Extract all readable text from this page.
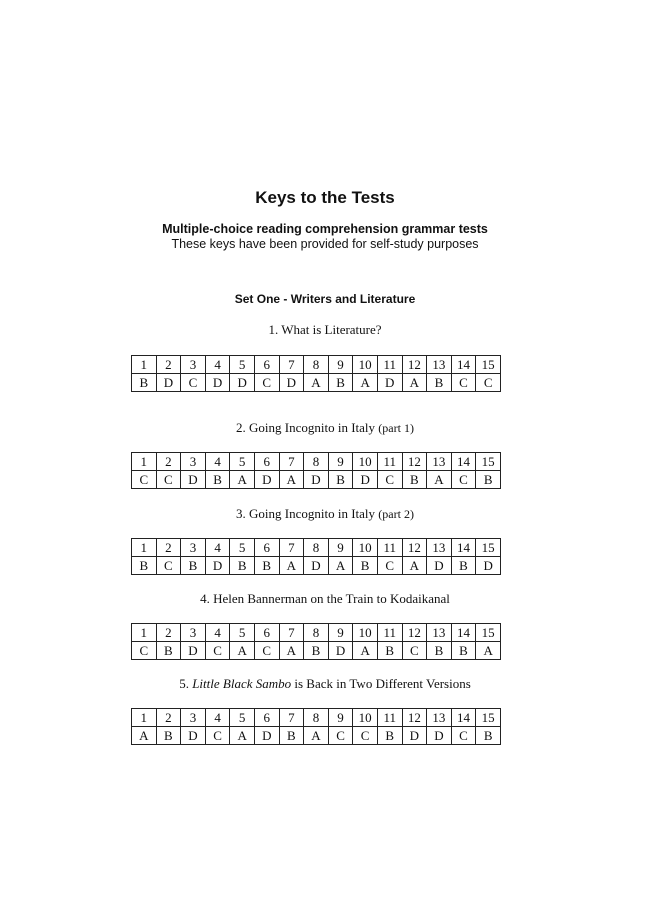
Keys to the Tests
Multiple-choice reading comprehension grammar tests
These keys have been provided for self-study purposes
Set One - Writers and Literature
1. What is Literature?
1	2	3	4	5	6	7	8	9	10	11	12	13	14	15
B	D	C	D	D	C	D	A	B	A	D	A	B	C	C
2. Going Incognito in Italy (part 1)
1	2	3	4	5	6	7	8	9	10	11	12	13	14	15
C	C	D	B	A	D	A	D	B	D	C	B	A	C	B
3. Going Incognito in Italy (part 2)
1	2	3	4	5	6	7	8	9	10	11	12	13	14	15
B	C	B	D	B	B	A	D	A	B	C	A	D	B	D
4. Helen Bannerman on the Train to Kodaikanal
1	2	3	4	5	6	7	8	9	10	11	12	13	14	15
C	B	D	C	A	C	A	B	D	A	B	C	B	B	A
5. Little Black Sambo is Back in Two Different Versions
1	2	3	4	5	6	7	8	9	10	11	12	13	14	15
A	B	D	C	A	D	B	A	C	C	B	D	D	C	B
